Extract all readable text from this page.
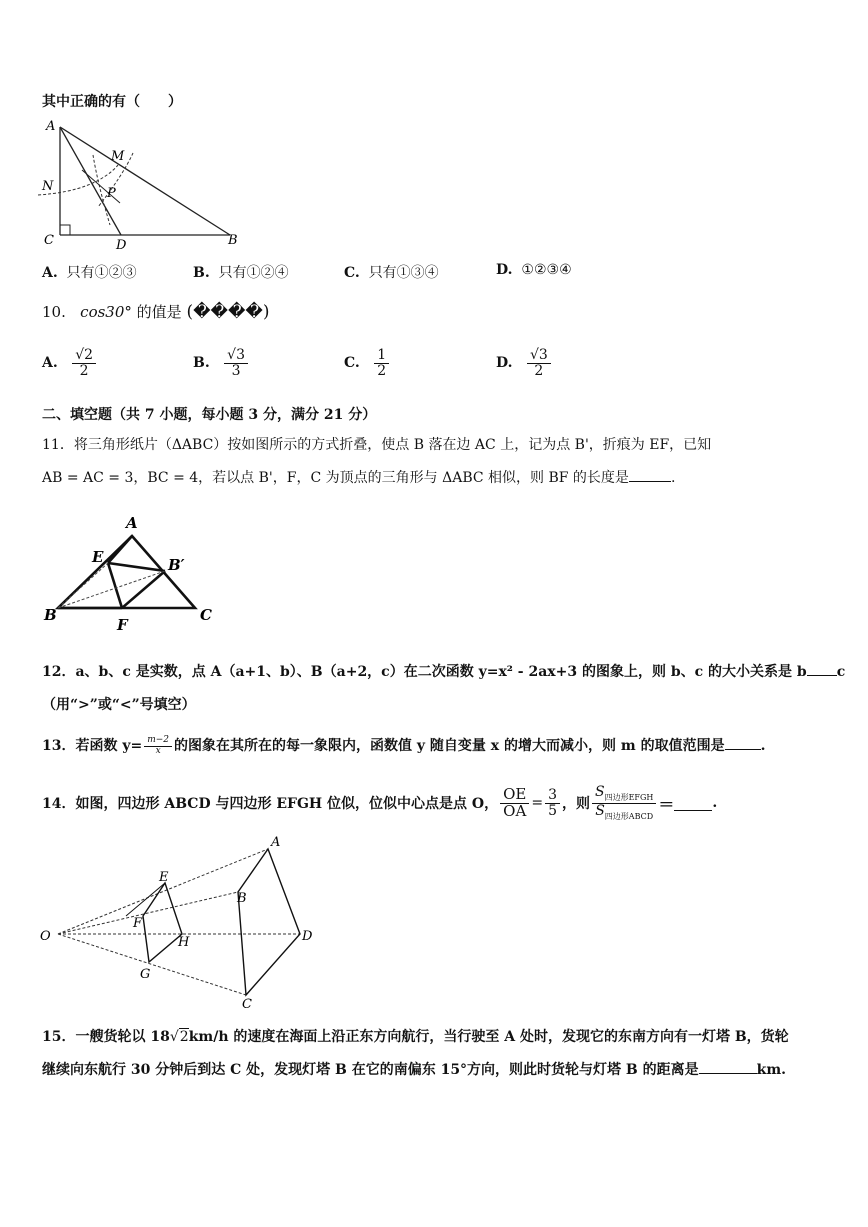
其中正确的有（　　）
A
M
N	P
C	D	B
A. 只有①②③	B. 只有①②④	C. 只有①③④	D. ①②③④
10. cos30° 的值是 (����)
A. $\frac{√2}{2}$	B. $\frac{√3}{3}$	C. $\frac{1}{2}$	D. $\frac{√3}{2}$
二、填空题（共 7 小题，每小题 3 分，满分 21 分）
11．将三角形纸片（ΔABC）按如图所示的方式折叠，使点 B 落在边 AC 上，记为点 B'，折痕为 EF，已知
AB = AC = 3，BC = 4，若以点 B'，F，C 为顶点的三角形与 ΔABC 相似，则 BF 的长度是	.
A
E	B′
B
F
C
12．a、b、c 是实数，点 A（a+1、b）、B（a+2，c）在二次函数 y=x² - 2ax+3 的图象上，则 b、c 的大小关系是 b c
（用“>”或“<”号填空）
13．若函数 $y= \frac{m-2}{x}$ 的图象在其所在的每一象限内，函数值 y 随自变量 x 的增大而减小，则 m 的取值范围是	.
14．如图，四边形 ABCD 与四边形 EFGH 位似，位似中心点是点 O， $\frac{OE}{OA} = \frac{3}{5}$ ，则 $\frac{S_{四边形EFGH}}{S_{四边形ABCD}}$ ＝	.
O
A
B
C
D
E
F
G
H
15．一艘货轮以 18√2km/h 的速度在海面上沿正东方向航行，当行驶至 A 处时，发现它的东南方向有一灯塔 B，货轮
继续向东航行 30 分钟后到达 C 处，发现灯塔 B 在它的南偏东 15°方向，则此时货轮与灯塔 B 的距离是	km.
